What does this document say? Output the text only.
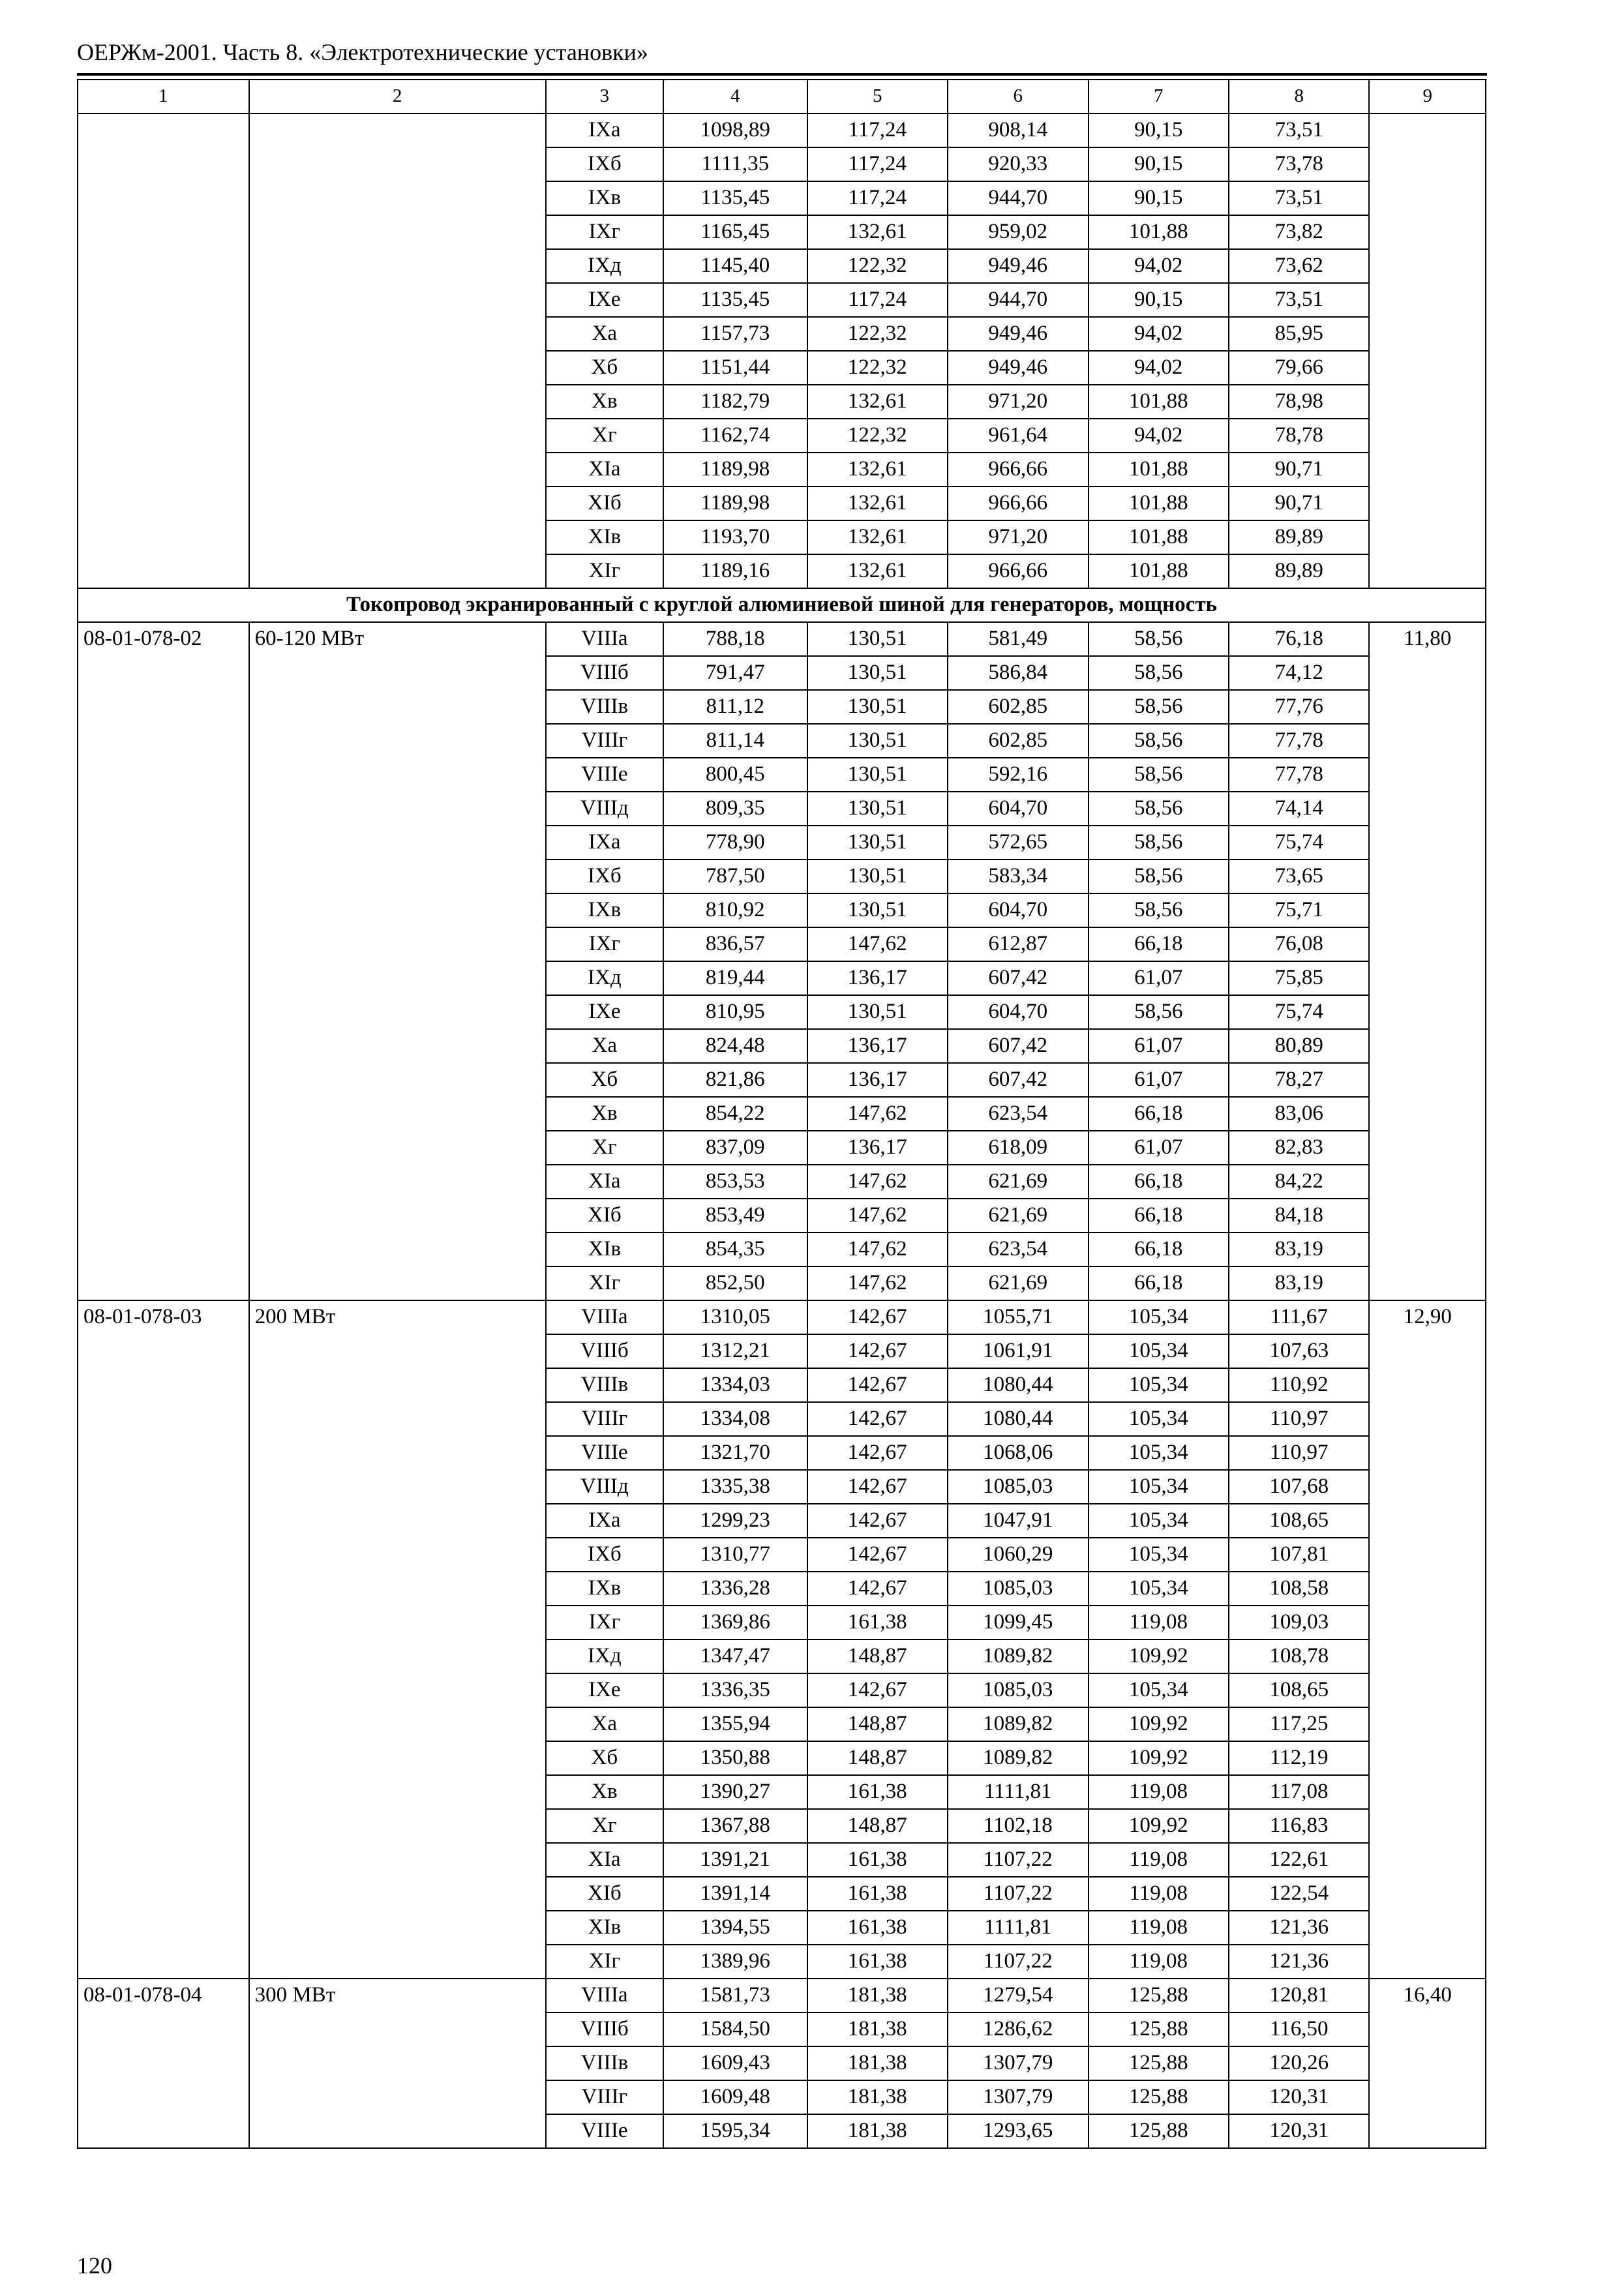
ОЕРЖм-2001. Часть 8. «Электротехнические установки»
1	2	3	4	5	6	7	8	9
		IXа	1098,89	117,24	908,14	90,15	73,51	
		IXб	1111,35	117,24	920,33	90,15	73,78	
		IXв	1135,45	117,24	944,70	90,15	73,51	
		IXг	1165,45	132,61	959,02	101,88	73,82	
		IXд	1145,40	122,32	949,46	94,02	73,62	
		IXе	1135,45	117,24	944,70	90,15	73,51	
		Xа	1157,73	122,32	949,46	94,02	85,95	
		Xб	1151,44	122,32	949,46	94,02	79,66	
		Xв	1182,79	132,61	971,20	101,88	78,98	
		Xг	1162,74	122,32	961,64	94,02	78,78	
		XIа	1189,98	132,61	966,66	101,88	90,71	
		XIб	1189,98	132,61	966,66	101,88	90,71	
		XIв	1193,70	132,61	971,20	101,88	89,89	
		XIг	1189,16	132,61	966,66	101,88	89,89	
Токопровод экранированный с круглой алюминиевой шиной для генераторов, мощность								
08-01-078-02	60-120 МВт	VIIIа	788,18	130,51	581,49	58,56	76,18	11,80
		VIIIб	791,47	130,51	586,84	58,56	74,12	
		VIIIв	811,12	130,51	602,85	58,56	77,76	
		VIIIг	811,14	130,51	602,85	58,56	77,78	
		VIIIе	800,45	130,51	592,16	58,56	77,78	
		VIIIд	809,35	130,51	604,70	58,56	74,14	
		IXа	778,90	130,51	572,65	58,56	75,74	
		IXб	787,50	130,51	583,34	58,56	73,65	
		IXв	810,92	130,51	604,70	58,56	75,71	
		IXг	836,57	147,62	612,87	66,18	76,08	
		IXд	819,44	136,17	607,42	61,07	75,85	
		IXе	810,95	130,51	604,70	58,56	75,74	
		Xа	824,48	136,17	607,42	61,07	80,89	
		Xб	821,86	136,17	607,42	61,07	78,27	
		Xв	854,22	147,62	623,54	66,18	83,06	
		Xг	837,09	136,17	618,09	61,07	82,83	
		XIа	853,53	147,62	621,69	66,18	84,22	
		XIб	853,49	147,62	621,69	66,18	84,18	
		XIв	854,35	147,62	623,54	66,18	83,19	
		XIг	852,50	147,62	621,69	66,18	83,19	
08-01-078-03	200 МВт	VIIIа	1310,05	142,67	1055,71	105,34	111,67	12,90
		VIIIб	1312,21	142,67	1061,91	105,34	107,63	
		VIIIв	1334,03	142,67	1080,44	105,34	110,92	
		VIIIг	1334,08	142,67	1080,44	105,34	110,97	
		VIIIе	1321,70	142,67	1068,06	105,34	110,97	
		VIIIд	1335,38	142,67	1085,03	105,34	107,68	
		IXа	1299,23	142,67	1047,91	105,34	108,65	
		IXб	1310,77	142,67	1060,29	105,34	107,81	
		IXв	1336,28	142,67	1085,03	105,34	108,58	
		IXг	1369,86	161,38	1099,45	119,08	109,03	
		IXд	1347,47	148,87	1089,82	109,92	108,78	
		IXе	1336,35	142,67	1085,03	105,34	108,65	
		Xа	1355,94	148,87	1089,82	109,92	117,25	
		Xб	1350,88	148,87	1089,82	109,92	112,19	
		Xв	1390,27	161,38	1111,81	119,08	117,08	
		Xг	1367,88	148,87	1102,18	109,92	116,83	
		XIа	1391,21	161,38	1107,22	119,08	122,61	
		XIб	1391,14	161,38	1107,22	119,08	122,54	
		XIв	1394,55	161,38	1111,81	119,08	121,36	
		XIг	1389,96	161,38	1107,22	119,08	121,36	
08-01-078-04	300 МВт	VIIIа	1581,73	181,38	1279,54	125,88	120,81	16,40
		VIIIб	1584,50	181,38	1286,62	125,88	116,50	
		VIIIв	1609,43	181,38	1307,79	125,88	120,26	
		VIIIг	1609,48	181,38	1307,79	125,88	120,31	
		VIIIе	1595,34	181,38	1293,65	125,88	120,31	
120
